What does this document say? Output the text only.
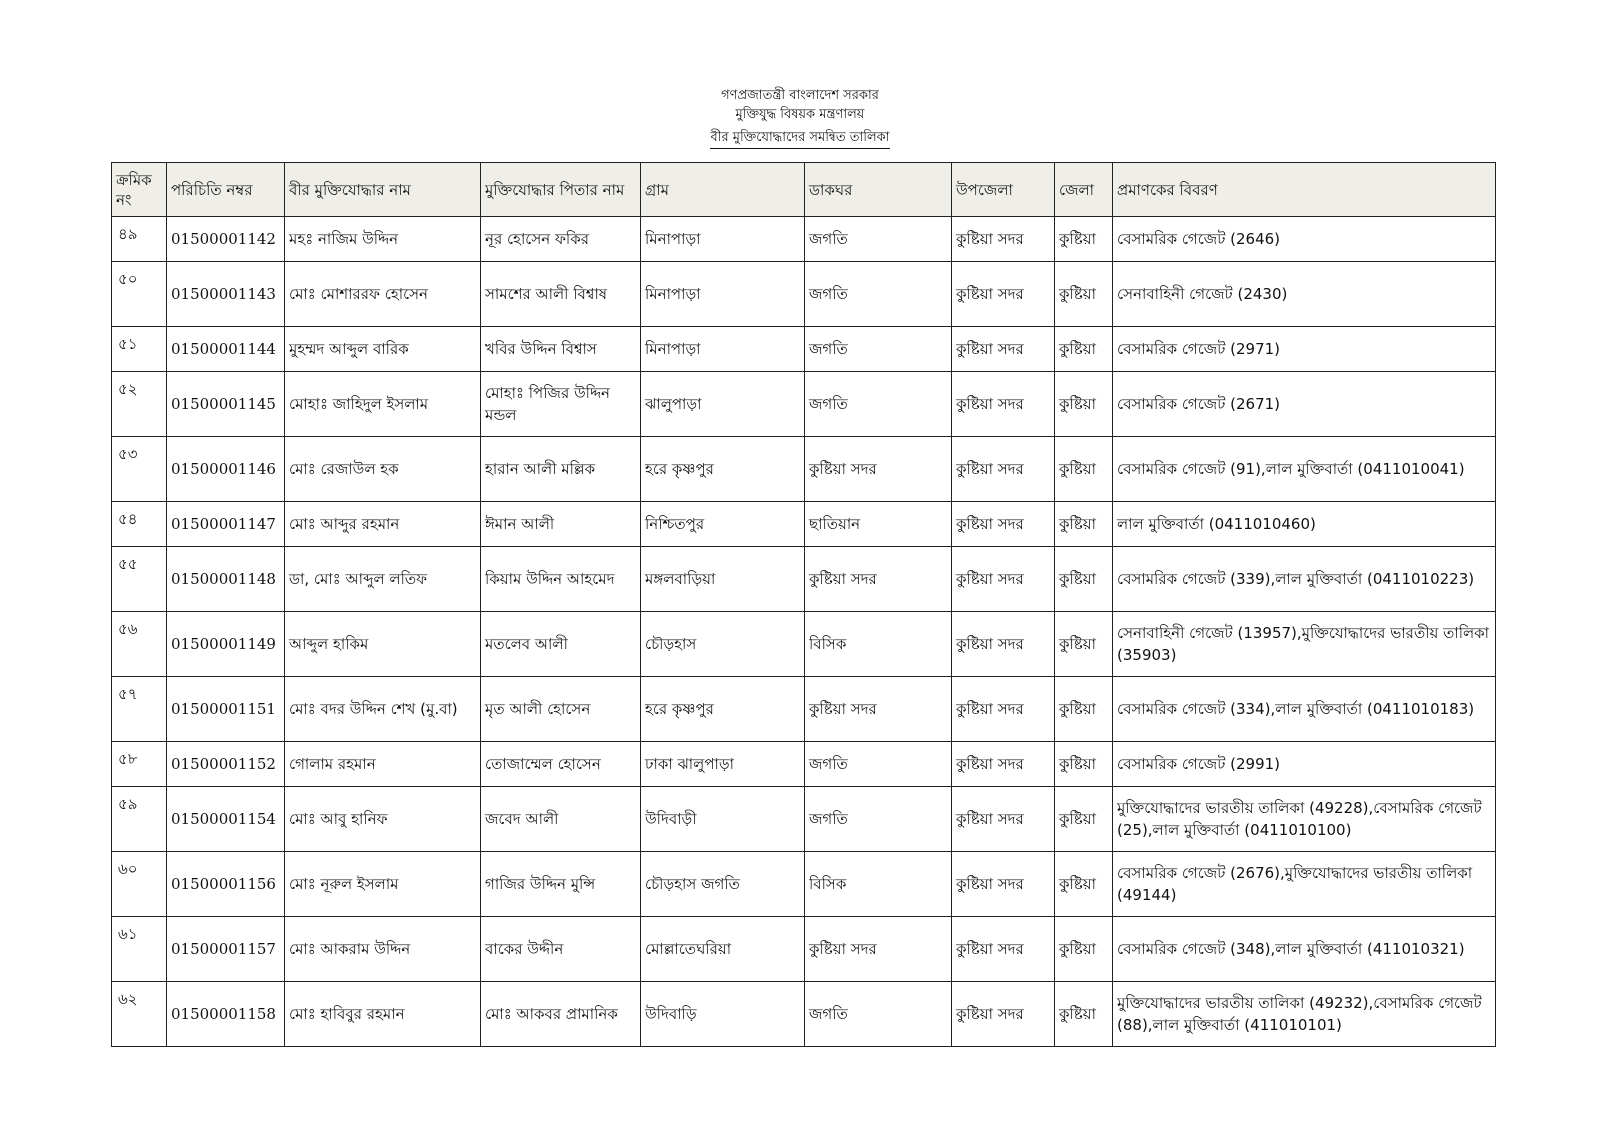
গণপ্রজাতন্ত্রী বাংলাদেশ সরকার
মুক্তিযুদ্ধ বিষয়ক মন্ত্রণালয়
বীর মুক্তিযোদ্ধাদের সমন্বিত তালিকা
ক্রমিক নং	পরিচিতি নম্বর	বীর মুক্তিযোদ্ধার নাম	মুক্তিযোদ্ধার পিতার নাম	গ্রাম	ডাকঘর	উপজেলা	জেলা	প্রমাণকের বিবরণ
৪৯	01500001142	মহঃ নাজিম উদ্দিন	নূর হোসেন ফকির	মিনাপাড়া	জগতি	কুষ্টিয়া সদর	কুষ্টিয়া	বেসামরিক গেজেট (2646)
৫০	01500001143	মোঃ মোশাররফ হোসেন	সামশের আলী বিশ্বাষ	মিনাপাড়া	জগতি	কুষ্টিয়া সদর	কুষ্টিয়া	সেনাবাহিনী গেজেট (2430)
৫১	01500001144	মুহম্মদ আব্দুল বারিক	খবির উদ্দিন বিশ্বাস	মিনাপাড়া	জগতি	কুষ্টিয়া সদর	কুষ্টিয়া	বেসামরিক গেজেট (2971)
৫২	01500001145	মোহাঃ জাহিদুল ইসলাম	মোহাঃ পিজির উদ্দিন মন্ডল	ঝালুপাড়া	জগতি	কুষ্টিয়া সদর	কুষ্টিয়া	বেসামরিক গেজেট (2671)
৫৩	01500001146	মোঃ রেজাউল হক	হারান আলী মল্লিক	হরে কৃষ্ণপুর	কুষ্টিয়া সদর	কুষ্টিয়া সদর	কুষ্টিয়া	বেসামরিক গেজেট (91),লাল মুক্তিবার্তা (0411010041)
৫৪	01500001147	মোঃ আব্দুর রহমান	ঈমান আলী	নিশ্চিতপুর	ছাতিয়ান	কুষ্টিয়া সদর	কুষ্টিয়া	লাল মুক্তিবার্তা (0411010460)
৫৫	01500001148	ডা, মোঃ আব্দুল লতিফ	কিয়াম উদ্দিন আহমেদ	মঙ্গলবাড়িয়া	কুষ্টিয়া সদর	কুষ্টিয়া সদর	কুষ্টিয়া	বেসামরিক গেজেট (339),লাল মুক্তিবার্তা (0411010223)
৫৬	01500001149	আব্দুল হাকিম	মতলেব আলী	চৌড়হাস	বিসিক	কুষ্টিয়া সদর	কুষ্টিয়া	সেনাবাহিনী গেজেট (13957),মুক্তিযোদ্ধাদের ভারতীয় তালিকা (35903)
৫৭	01500001151	মোঃ বদর উদ্দিন শেখ (মু.বা)	মৃত আলী হোসেন	হরে কৃষ্ণপুর	কুষ্টিয়া সদর	কুষ্টিয়া সদর	কুষ্টিয়া	বেসামরিক গেজেট (334),লাল মুক্তিবার্তা (0411010183)
৫৮	01500001152	গোলাম রহমান	তোজাম্মেল হোসেন	ঢাকা ঝালুপাড়া	জগতি	কুষ্টিয়া সদর	কুষ্টিয়া	বেসামরিক গেজেট (2991)
৫৯	01500001154	মোঃ আবু হানিফ	জবেদ আলী	উদিবাড়ী	জগতি	কুষ্টিয়া সদর	কুষ্টিয়া	মুক্তিযোদ্ধাদের ভারতীয় তালিকা (49228),বেসামরিক গেজেট (25),লাল মুক্তিবার্তা (0411010100)
৬০	01500001156	মোঃ নূরুল ইসলাম	গাজির উদ্দিন মুন্সি	চৌড়হাস জগতি	বিসিক	কুষ্টিয়া সদর	কুষ্টিয়া	বেসামরিক গেজেট (2676),মুক্তিযোদ্ধাদের ভারতীয় তালিকা (49144)
৬১	01500001157	মোঃ আকরাম উদ্দিন	বাকের উদ্দীন	মোল্লাতেঘরিয়া	কুষ্টিয়া সদর	কুষ্টিয়া সদর	কুষ্টিয়া	বেসামরিক গেজেট (348),লাল মুক্তিবার্তা (411010321)
৬২	01500001158	মোঃ হাবিবুর রহমান	মোঃ আকবর প্রামানিক	উদিবাড়ি	জগতি	কুষ্টিয়া সদর	কুষ্টিয়া	মুক্তিযোদ্ধাদের ভারতীয় তালিকা (49232),বেসামরিক গেজেট (88),লাল মুক্তিবার্তা (411010101)
